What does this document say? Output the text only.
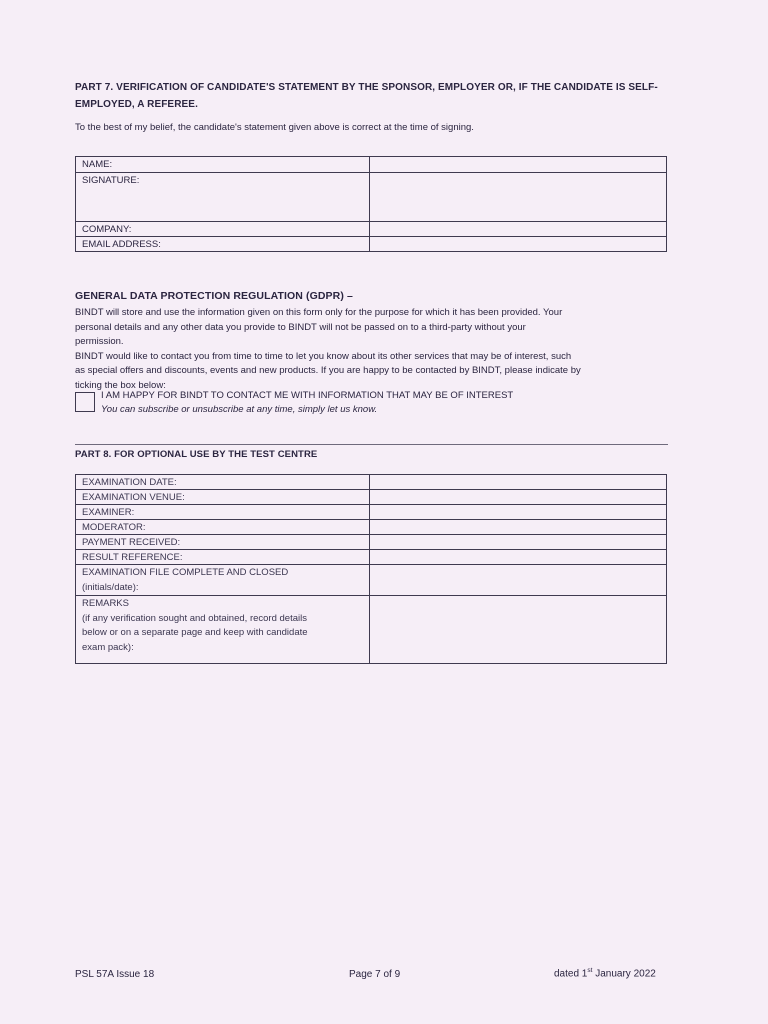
PART 7. VERIFICATION OF CANDIDATE'S STATEMENT BY THE SPONSOR, EMPLOYER OR, IF THE CANDIDATE IS SELF-
EMPLOYED, A REFEREE.
To the best of my belief, the candidate's statement given above is correct at the time of signing.
NAME:	
SIGNATURE:	
COMPANY:	
EMAIL ADDRESS:	
GENERAL DATA PROTECTION REGULATION (GDPR) –
BINDT will store and use the information given on this form only for the purpose for which it has been provided. Your
personal details and any other data you provide to BINDT will not be passed on to a third-party without your
permission.
BINDT would like to contact you from time to time to let you know about its other services that may be of interest, such
as special offers and discounts, events and new products. If you are happy to be contacted by BINDT, please indicate by
ticking the box below:
I AM HAPPY FOR BINDT TO CONTACT ME WITH INFORMATION THAT MAY BE OF INTEREST
You can subscribe or unsubscribe at any time, simply let us know.
PART 8. FOR OPTIONAL USE BY THE TEST CENTRE
EXAMINATION DATE:	
EXAMINATION VENUE:	
EXAMINER:	
MODERATOR:	
PAYMENT RECEIVED:	
RESULT REFERENCE:	

EXAMINATION FILE COMPLETE AND CLOSED
(initials/date):	

REMARKS
(if any verification sought and obtained, record details
below or on a separate page and keep with candidate
exam pack):	

PSL 57A Issue 18	Page 7 of 9	dated 1st January 2022
